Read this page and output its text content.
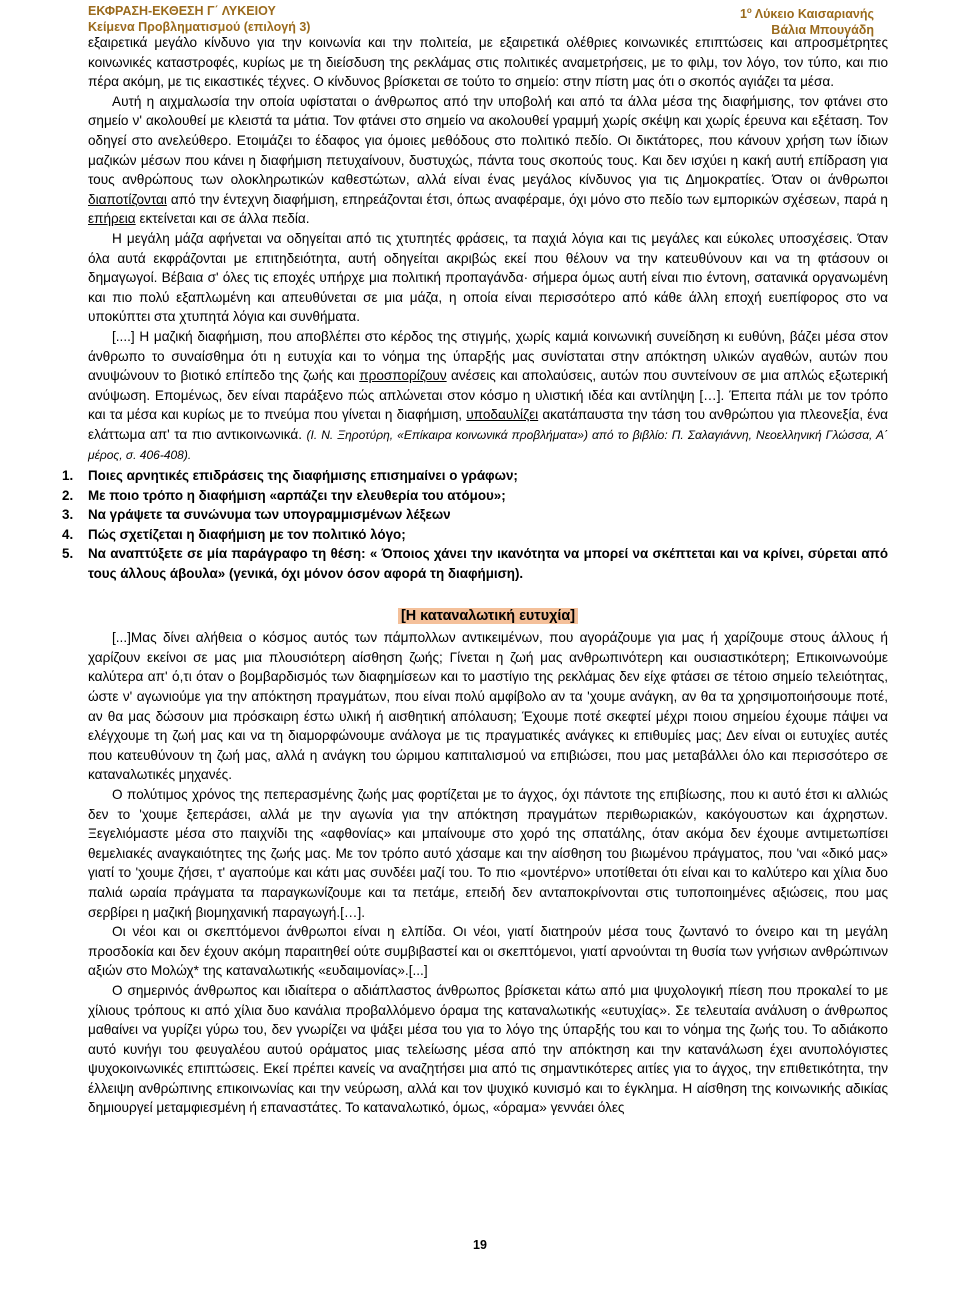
ΕΚΦΡΑΣΗ-ΕΚΘΕΣΗ Γ΄ ΛΥΚΕΙΟΥ
Κείμενα Προβληματισμού (επιλογή 3)
$1^o$ Λύκειο Καισαριανής
Βάλια Μπουγάδη

εξαιρετικά μεγάλο κίνδυνο για την κοινωνία και την πολιτεία, με εξαιρετικά ολέθριες κοινωνικές επιπτώσεις και απροσμέτρητες κοινωνικές καταστροφές, κυρίως με τη διείσδυση της ρεκλάμας στις πολιτικές αναμετρήσεις, με το φιλμ, τον λόγο, τον τύπο, και πιο πέρα ακόμη, με τις εικαστικές τέχνες. Ο κίνδυνος βρίσκεται σε τούτο το σημείο: στην πίστη μας ότι ο σκοπός αγιάζει τα μέσα.

Αυτή η αιχμαλωσία την οποία υφίσταται ο άνθρωπος από την υποβολή και από τα άλλα μέσα της διαφήμισης, τον φτάνει στο σημείο ν' ακολουθεί με κλειστά τα μάτια. Τον φτάνει στο σημείο να ακολουθεί γραμμή χωρίς σκέψη και χωρίς έρευνα και εξέταση. Τον οδηγεί στο ανελεύθερο. Ετοιμάζει το έδαφος για όμοιες μεθόδους στο πολιτικό πεδίο. Οι δικτάτορες, που κάνουν χρήση των ίδιων μαζικών μέσων που κάνει η διαφήμιση πετυχαίνουν, δυστυχώς, πάντα τους σκοπούς τους. Και δεν ισχύει η κακή αυτή επίδραση για τους ανθρώπους των ολοκληρωτικών καθεστώτων, αλλά είναι ένας μεγάλος κίνδυνος για τις Δημοκρατίες. Όταν οι άνθρωποι διαποτίζονται από την έντεχνη διαφήμιση, επηρεάζονται έτσι, όπως αναφέραμε, όχι μόνο στο πεδίο των εμπορικών σχέσεων, παρά η επήρεια εκτείνεται και σε άλλα πεδία.

Η μεγάλη μάζα αφήνεται να οδηγείται από τις χτυπητές φράσεις, τα παχιά λόγια και τις μεγάλες και εύκολες υποσχέσεις. Όταν όλα αυτά εκφράζονται με επιτηδειότητα, αυτή οδηγείται ακριβώς εκεί που θέλουν να την κατευθύνουν και να τη φτάσουν οι δημαγωγοί. Βέβαια σ' όλες τις εποχές υπήρχε μια πολιτική προπαγάνδα· σήμερα όμως αυτή είναι πιο έντονη, σατανικά οργανωμένη και πιο πολύ εξαπλωμένη και απευθύνεται σε μια μάζα, η οποία είναι περισσότερο από κάθε άλλη εποχή ευεπίφορος στο να υποκύπτει στα χτυπητά λόγια και συνθήματα.

[....] Η μαζική διαφήμιση, που αποβλέπει στο κέρδος της στιγμής, χωρίς καμιά κοινωνική συνείδηση κι ευθύνη, βάζει μέσα στον άνθρωπο το συναίσθημα ότι η ευτυχία και το νόημα της ύπαρξής μας συνίσταται στην απόκτηση υλικών αγαθών, αυτών που ανυψώνουν το βιοτικό επίπεδο της ζωής και προσπορίζουν ανέσεις και απολαύσεις, αυτών που συντείνουν σε μια απλώς εξωτερική ανύψωση. Επομένως, δεν είναι παράξενο πώς απλώνεται στον κόσμο η υλιστική ιδέα και αντίληψη […]. Έπειτα πάλι με τον τρόπο και τα μέσα και κυρίως με το πνεύμα που γίνεται η διαφήμιση, υποδαυλίζει ακατάπαυστα την τάση του ανθρώπου για πλεονεξία, ένα ελάττωμα απ' τα πιο αντικοινωνικά. (Ι. Ν. Ξηροτύρη, «Επίκαιρα κοινωνικά προβλήματα») από το βιβλίο: Π. Σαλαγιάννη, Νεοελληνική Γλώσσα, Α΄ μέρος, σ. 406-408).

1. Ποιες αρνητικές επιδράσεις της διαφήμισης επισημαίνει ο γράφων;
2. Με ποιο τρόπο η διαφήμιση «αρπάζει την ελευθερία του ατόμου»;
3. Να γράψετε τα συνώνυμα των υπογραμμισμένων λέξεων
4. Πώς σχετίζεται η διαφήμιση με τον πολιτικό λόγο;
5. Να αναπτύξετε σε μία παράγραφο τη θέση: « Όποιος χάνει την ικανότητα να μπορεί να σκέπτεται και να κρίνει, σύρεται από τους άλλους άβουλα» (γενικά, όχι μόνον όσον αφορά τη διαφήμιση).

[Η καταναλωτική ευτυχία]

[...]Μας δίνει αλήθεια ο κόσμος αυτός των πάμπολλων αντικειμένων, που αγοράζουμε για μας ή χαρίζουμε στους άλλους ή χαρίζουν εκείνοι σε μας μια πλουσιότερη αίσθηση ζωής; Γίνεται η ζωή μας ανθρωπινότερη και ουσιαστικότερη; Επικοινωνούμε καλύτερα απ' ό,τι όταν ο βομβαρδισμός των διαφημίσεων και το μαστίγιο της ρεκλάμας δεν είχε φτάσει σε τέτοιο σημείο τελειότητας, ώστε ν' αγωνιούμε για την απόκτηση πραγμάτων, που είναι πολύ αμφίβολο αν τα 'χουμε ανάγκη, αν θα τα χρησιμοποιήσουμε ποτέ, αν θα μας δώσουν μια πρόσκαιρη έστω υλική ή αισθητική απόλαυση; Έχουμε ποτέ σκεφτεί μέχρι ποιου σημείου έχουμε πάψει να ελέγχουμε τη ζωή μας και να τη διαμορφώνουμε ανάλογα με τις πραγματικές ανάγκες κι επιθυμίες μας; Δεν είναι οι ευτυχίες αυτές που κατευθύνουν τη ζωή μας, αλλά η ανάγκη του ώριμου καπιταλισμού να επιβιώσει, που μας μεταβάλλει όλο και περισσότερο σε καταναλωτικές μηχανές.

Ο πολύτιμος χρόνος της πεπερασμένης ζωής μας φορτίζεται με το άγχος, όχι πάντοτε της επιβίωσης, που κι αυτό έτσι κι αλλιώς δεν το 'χουμε ξεπεράσει, αλλά με την αγωνία για την απόκτηση πραγμάτων περιθωριακών, κακόγουστων και άχρηστων. Ξεγελιόμαστε μέσα στο παιχνίδι της «αφθονίας» και μπαίνουμε στο χορό της σπατάλης, όταν ακόμα δεν έχουμε αντιμετωπίσει θεμελιακές αναγκαιότητες της ζωής μας. Με τον τρόπο αυτό χάσαμε και την αίσθηση του βιωμένου πράγματος, που 'ναι «δικό μας» γιατί το 'χουμε ζήσει, τ' αγαπούμε και κάτι μας συνδέει μαζί του. Το πιο «μοντέρνο» υποτίθεται ότι είναι και το καλύτερο και χίλια δυο παλιά ωραία πράγματα τα παραγκωνίζουμε και τα πετάμε, επειδή δεν ανταποκρίνονται στις τυποποιημένες αξιώσεις, που μας σερβίρει η μαζική βιομηχανική παραγωγή.[…].

Οι νέοι και οι σκεπτόμενοι άνθρωποι είναι η ελπίδα. Οι νέοι, γιατί διατηρούν μέσα τους ζωντανό το όνειρο και τη μεγάλη προσδοκία και δεν έχουν ακόμη παραιτηθεί ούτε συμβιβαστεί και οι σκεπτόμενοι, γιατί αρνούνται τη θυσία των γνήσιων ανθρώπινων αξιών στο Μολώχ* της καταναλωτικής «ευδαιμονίας».[...]

Ο σημερινός άνθρωπος και ιδιαίτερα ο αδιάπλαστος άνθρωπος βρίσκεται κάτω από μια ψυχολογική πίεση που προκαλεί το με χίλιους τρόπους κι από χίλια δυο κανάλια προβαλλόμενο όραμα της καταναλωτικής «ευτυχίας». Σε τελευταία ανάλυση ο άνθρωπος μαθαίνει να γυρίζει γύρω του, δεν γνωρίζει να ψάξει μέσα του για το λόγο της ύπαρξής του και το νόημα της ζωής του. Το αδιάκοπο αυτό κυνήγι του φευγαλέου αυτού οράματος μιας τελείωσης μέσα από την απόκτηση και την κατανάλωση έχει ανυπολόγιστες ψυχοκοινωνικές επιπτώσεις. Εκεί πρέπει κανείς να αναζητήσει μια από τις σημαντικότερες αιτίες για το άγχος, την επιθετικότητα, την έλλειψη ανθρώπινης επικοινωνίας και την νεύρωση, αλλά και τον ψυχικό κυνισμό και το έγκλημα. Η αίσθηση της κοινωνικής αδικίας δημιουργεί μεταμφιεσμένη ή επαναστάτες. Το καταναλωτικό, όμως, «όραμα» γεννάει όλες

19
